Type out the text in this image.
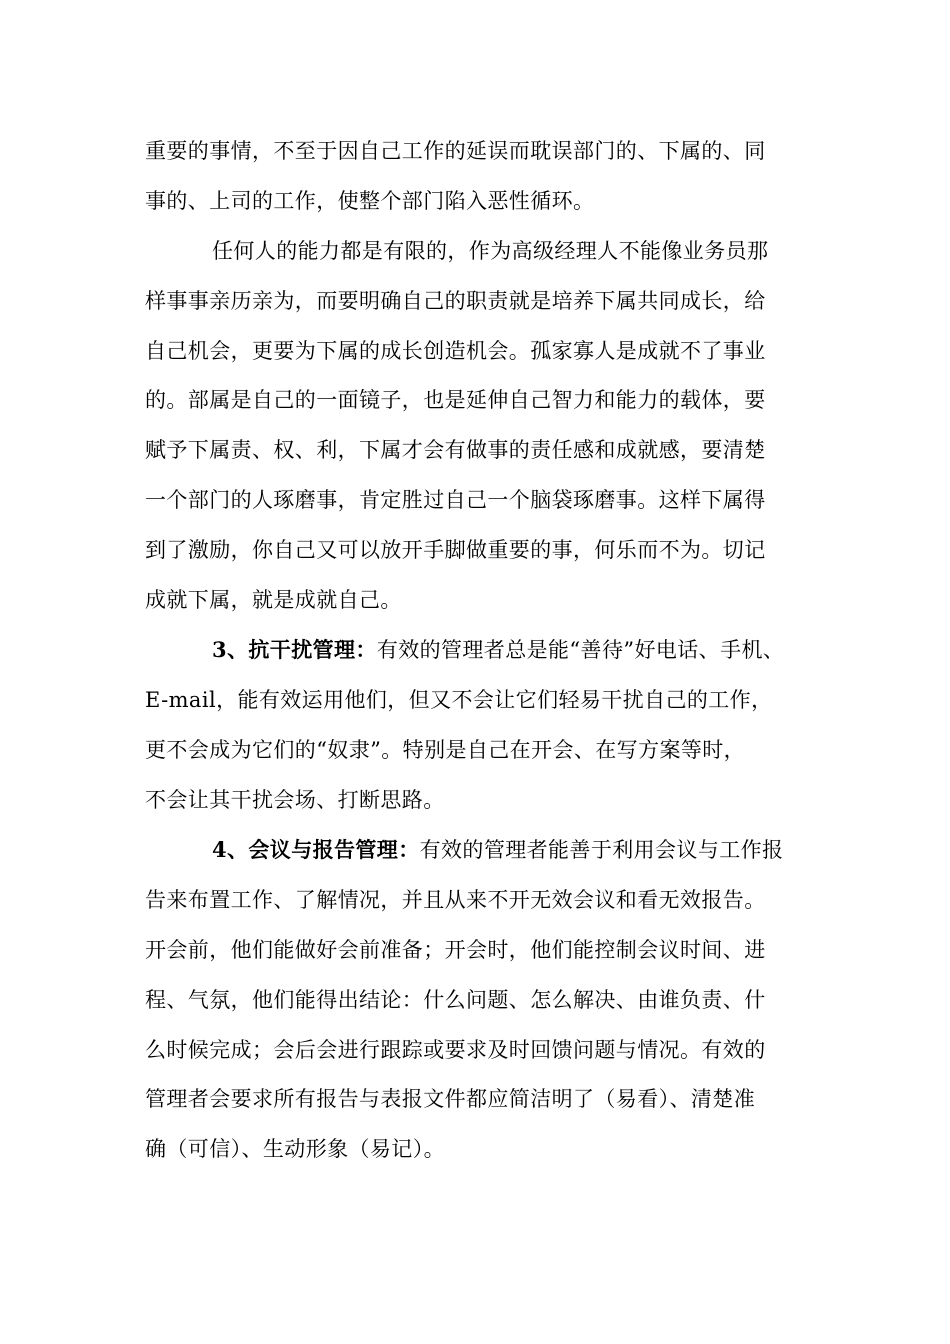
重要的事情，不至于因自己工作的延误而耽误部门的、下属的、同
事的、上司的工作，使整个部门陷入恶性循环。
任何人的能力都是有限的，作为高级经理人不能像业务员那
样事事亲历亲为，而要明确自己的职责就是培养下属共同成长，给
自己机会，更要为下属的成长创造机会。孤家寡人是成就不了事业
的。部属是自己的一面镜子，也是延伸自己智力和能力的载体，要
赋予下属责、权、利，下属才会有做事的责任感和成就感，要清楚
一个部门的人琢磨事，肯定胜过自己一个脑袋琢磨事。这样下属得
到了激励，你自己又可以放开手脚做重要的事，何乐而不为。切记
成就下属，就是成就自己。
3、抗干扰管理：有效的管理者总是能“善待”好电话、手机、
E-mail，能有效运用他们，但又不会让它们轻易干扰自己的工作，
更不会成为它们的“奴隶”。特别是自己在开会、在写方案等时，
不会让其干扰会场、打断思路。
4、会议与报告管理：有效的管理者能善于利用会议与工作报
告来布置工作、了解情况，并且从来不开无效会议和看无效报告。
开会前，他们能做好会前准备；开会时，他们能控制会议时间、进
程、气氛，他们能得出结论：什么问题、怎么解决、由谁负责、什
么时候完成；会后会进行跟踪或要求及时回馈问题与情况。有效的
管理者会要求所有报告与表报文件都应简洁明了（易看）、清楚准
确（可信）、生动形象（易记）。
